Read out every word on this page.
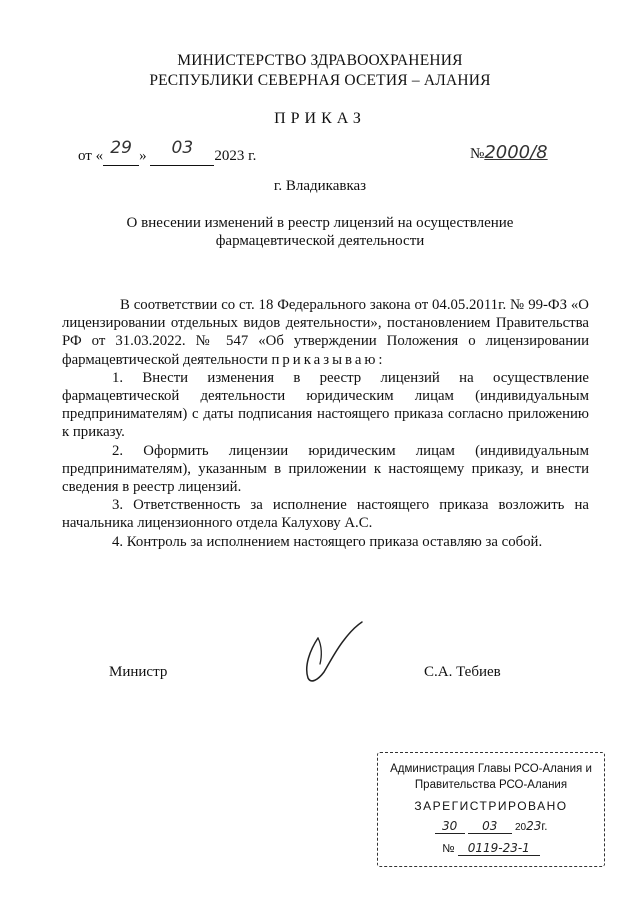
МИНИСТЕРСТВО ЗДРАВООХРАНЕНИЯ
РЕСПУБЛИКИ СЕВЕРНАЯ ОСЕТИЯ – АЛАНИЯ
ПРИКАЗ
от « 29 »	03	2023 г.	№2000/8
г. Владикавказ
О внесении изменений в реестр лицензий на осуществление
фармацевтической деятельности

В соответствии со ст. 18 Федерального закона от 04.05.2011г. № 99-ФЗ «О лицензировании отдельных видов деятельности», постановлением Правительства РФ от 31.03.2022. № 547 «Об утверждении Положения о лицензировании фармацевтической деятельности приказываю:

1. Внести изменения в реестр лицензий на осуществление фармацевтической деятельности юридическим лицам (индивидуальным предпринимателям) с даты подписания настоящего приказа согласно приложению к приказу.

2. Оформить лицензии юридическим лицам (индивидуальным предпринимателям), указанным в приложении к настоящему приказу, и внести сведения в реестр лицензий.

3. Ответственность за исполнение настоящего приказа возложить на начальника лицензионного отдела Калухову А.С.

4. Контроль за исполнением настоящего приказа оставляю за собой.

Министр	С.А. Тебиев
Администрация Главы РСО-Алания и
Правительства РСО-Алания
ЗАРЕГИСТРИРОВАНО
30 03 2023г.
№ 0119-23-1
